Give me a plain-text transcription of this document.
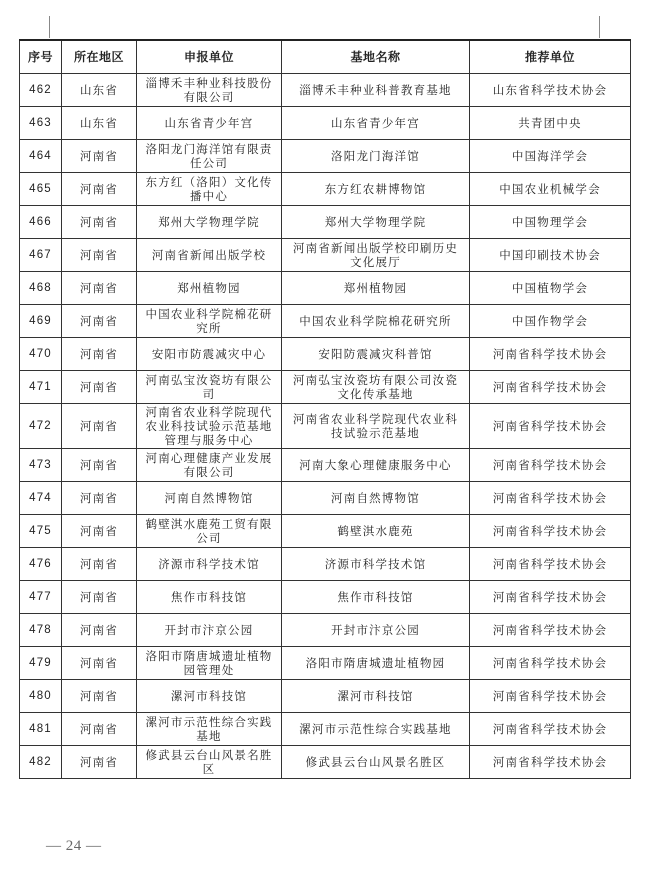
序号	所在地区	申报单位	基地名称	推荐单位
462	山东省	淄博禾丰种业科技股份有限公司	淄博禾丰种业科普教育基地	山东省科学技术协会
463	山东省	山东省青少年宫	山东省青少年宫	共青团中央
464	河南省	洛阳龙门海洋馆有限责任公司	洛阳龙门海洋馆	中国海洋学会
465	河南省	东方红（洛阳）文化传播中心	东方红农耕博物馆	中国农业机械学会
466	河南省	郑州大学物理学院	郑州大学物理学院	中国物理学会
467	河南省	河南省新闻出版学校	河南省新闻出版学校印刷历史文化展厅	中国印刷技术协会
468	河南省	郑州植物园	郑州植物园	中国植物学会
469	河南省	中国农业科学院棉花研究所	中国农业科学院棉花研究所	中国作物学会
470	河南省	安阳市防震减灾中心	安阳防震减灾科普馆	河南省科学技术协会
471	河南省	河南弘宝汝瓷坊有限公司	河南弘宝汝瓷坊有限公司汝瓷文化传承基地	河南省科学技术协会
472	河南省	河南省农业科学院现代农业科技试验示范基地管理与服务中心	河南省农业科学院现代农业科技试验示范基地	河南省科学技术协会
473	河南省	河南心理健康产业发展有限公司	河南大象心理健康服务中心	河南省科学技术协会
474	河南省	河南自然博物馆	河南自然博物馆	河南省科学技术协会
475	河南省	鹤壁淇水鹿苑工贸有限公司	鹤壁淇水鹿苑	河南省科学技术协会
476	河南省	济源市科学技术馆	济源市科学技术馆	河南省科学技术协会
477	河南省	焦作市科技馆	焦作市科技馆	河南省科学技术协会
478	河南省	开封市汴京公园	开封市汴京公园	河南省科学技术协会
479	河南省	洛阳市隋唐城遗址植物园管理处	洛阳市隋唐城遗址植物园	河南省科学技术协会
480	河南省	漯河市科技馆	漯河市科技馆	河南省科学技术协会
481	河南省	漯河市示范性综合实践基地	漯河市示范性综合实践基地	河南省科学技术协会
482	河南省	修武县云台山风景名胜区	修武县云台山风景名胜区	河南省科学技术协会
— 24 —
